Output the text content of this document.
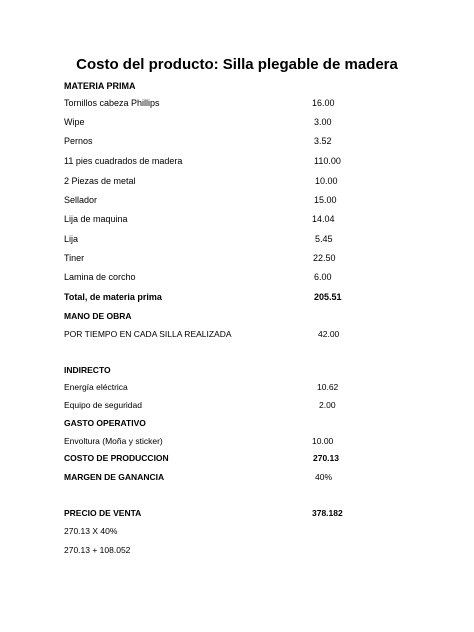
Costo del producto: Silla plegable de madera
MATERIA PRIMA
Tornillos cabeza Phillips	16.00
Wipe	3.00
Pernos	3.52
11 pies cuadrados de madera	110.00
2 Piezas de metal	10.00
Sellador	15.00
Lija de maquina	14.04
Lija	5.45
Tiner	22.50
Lamina de corcho	6.00
Total, de materia prima	205.51
MANO DE OBRA
POR TIEMPO EN CADA SILLA REALIZADA	42.00
INDIRECTO
Energía eléctrica	10.62
Equipo de seguridad	2.00
GASTO OPERATIVO
Envoltura (Moña y sticker)	10.00
COSTO DE PRODUCCION	270.13
MARGEN DE GANANCIA	40%
PRECIO DE VENTA	378.182
270.13 X 40%
270.13 + 108.052
